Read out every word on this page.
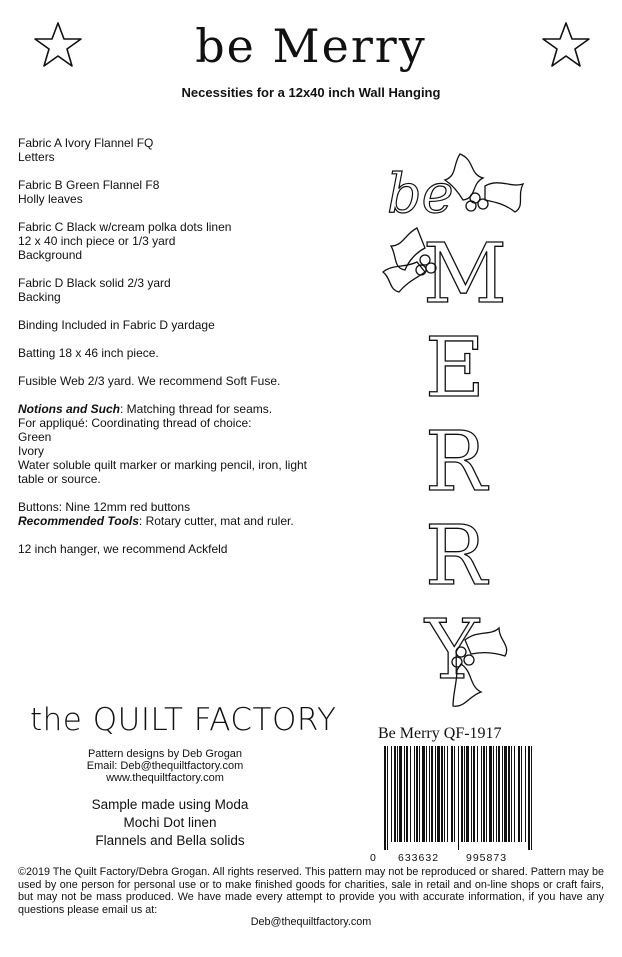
be Merry
Necessities for a 12x40 inch Wall Hanging
Fabric A Ivory Flannel FQ
Letters
Fabric B Green Flannel F8
Holly leaves
Fabric C Black w/cream polka dots linen
12 x 40 inch piece or 1/3 yard
Background
Fabric D Black solid 2/3 yard
Backing
Binding Included in Fabric D yardage
Batting 18 x 46 inch piece.
Fusible Web 2/3 yard. We recommend Soft Fuse.
Notions and Such: Matching thread for seams.
For appliqué: Coordinating thread of choice:
Green
Ivory
Water soluble quilt marker or marking pencil, iron, light
table or source.
Buttons: Nine 12mm red buttons
Recommended Tools: Rotary cutter, mat and ruler.
12 inch hanger, we recommend Ackfeld
be
M
E
R
R
Y
the QUILT FACTORY
Pattern designs by Deb Grogan
Email: Deb@thequiltfactory.com
www.thequiltfactory.com
Sample made using Moda
Mochi Dot linen
Flannels and Bella solids
Be Merry QF-1917
0 633632	995873
©2019 The Quilt Factory/Debra Grogan. All rights reserved. This pattern may not be reproduced or shared. Pattern may be used by one person for personal use or to make finished goods for charities, sale in retail and on-line shops or craft fairs, but may not be mass produced. We have made every attempt to provide you with accurate information, if you have any questions please email us at:
Deb@thequiltfactory.com
